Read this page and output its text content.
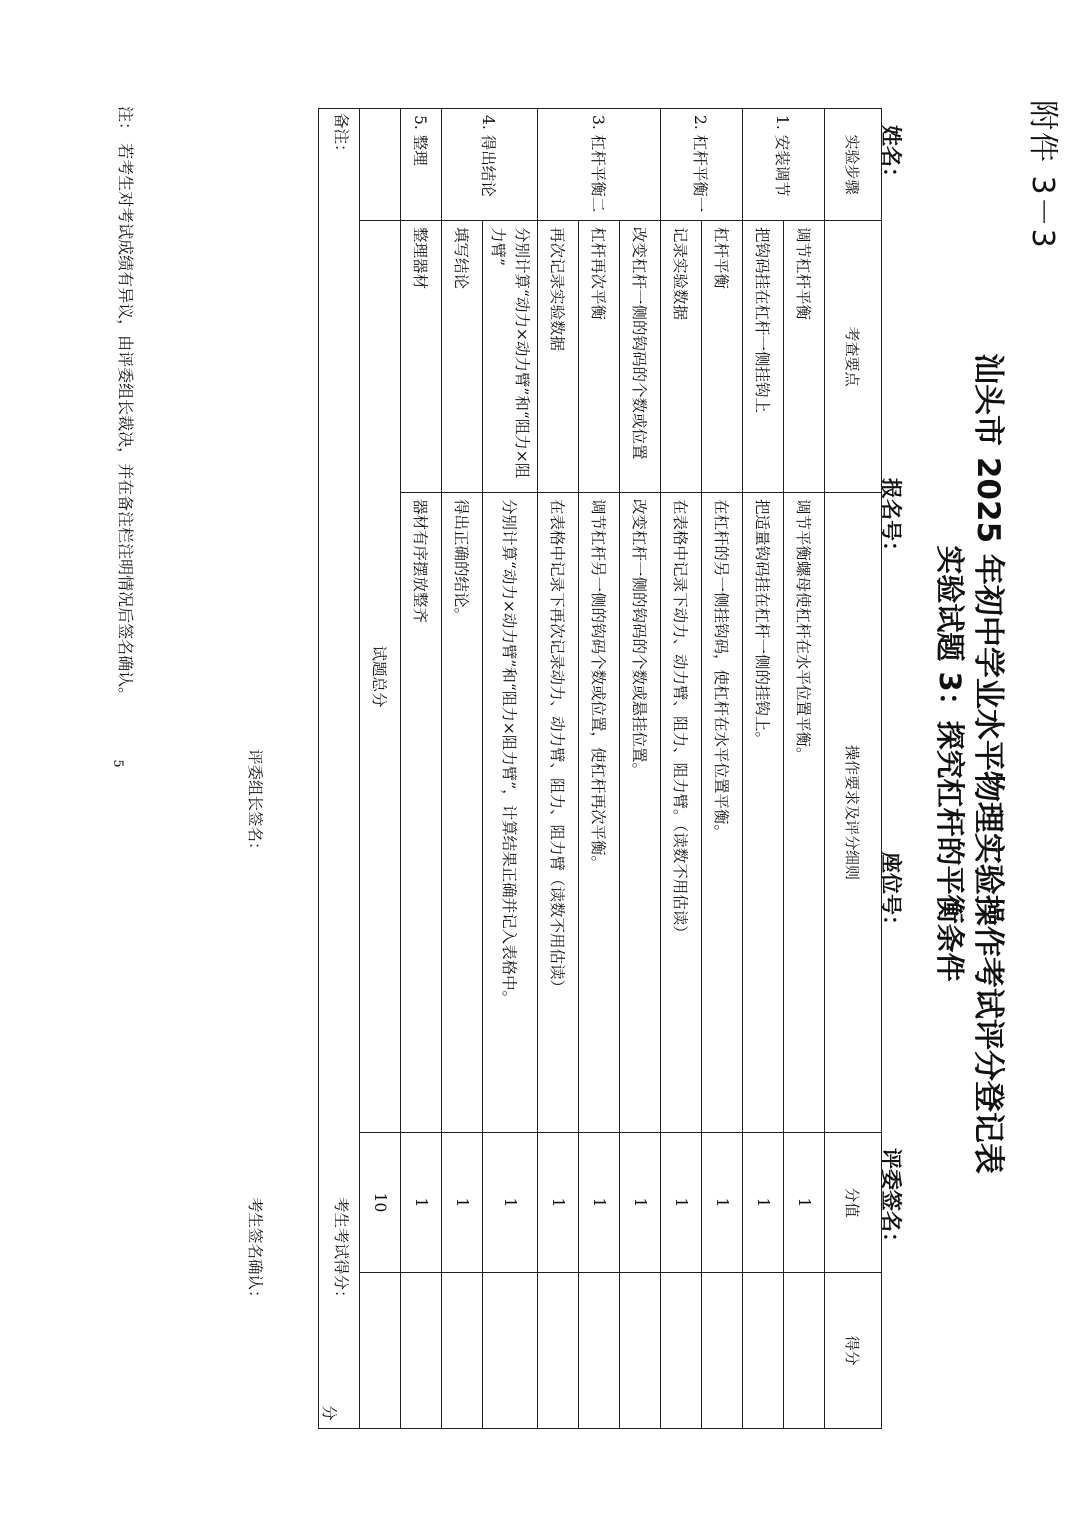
附件 3－3
汕头市 2025 年初中学业水平物理实验操作考试评分登记表
实验试题 3：探究杠杆的平衡条件
姓名：
报名号：
座位号：
评委签名：
实验步骤	考查要点	操作要求及评分细则	分值	得分
1. 安装调节	调节杠杆平衡	调节平衡螺母使杠杆在水平位置平衡。	1	
	把钩码挂在杠杆一侧挂钩上	把适量钩码挂在杠杆一侧的挂钩上。	1	
2. 杠杆平衡一	杠杆平衡	在杠杆的另一侧挂钩码，使杠杆在水平位置平衡。	1	
	记录实验数据	在表格中记录下动力、动力臂、阻力、阻力臂。（读数不用估读）	1	
3. 杠杆平衡二	改变杠杆一侧的钩码的个数或位置	改变杠杆一侧的钩码的个数或悬挂位置。	1	
	杠杆再次平衡	调节杠杆另一侧的钩码个数或位置，使杠杆再次平衡。	1	
	再次记录实验数据	在表格中记录下再次记录动力、动力臂、阻力、阻力臂（读数不用估读）	1	
4. 得出结论	分别计算“动力×动力臂”和“阻力×阻力臂”	分别计算“动力×动力臂”和“阻力×阻力臂”，计算结果正确并记入表格中。	1	
	填写结论	得出正确的结论。	1	
5. 整理	整理器材	器材有序摆放整齐	1	
	试题总分		10	

备注：
考生考试得分：
分
评委组长签名：
考生签名确认：				
注： 若考生对考试成绩有异议，由评委组长裁决，并在备注栏注明情况后签名确认。
5
